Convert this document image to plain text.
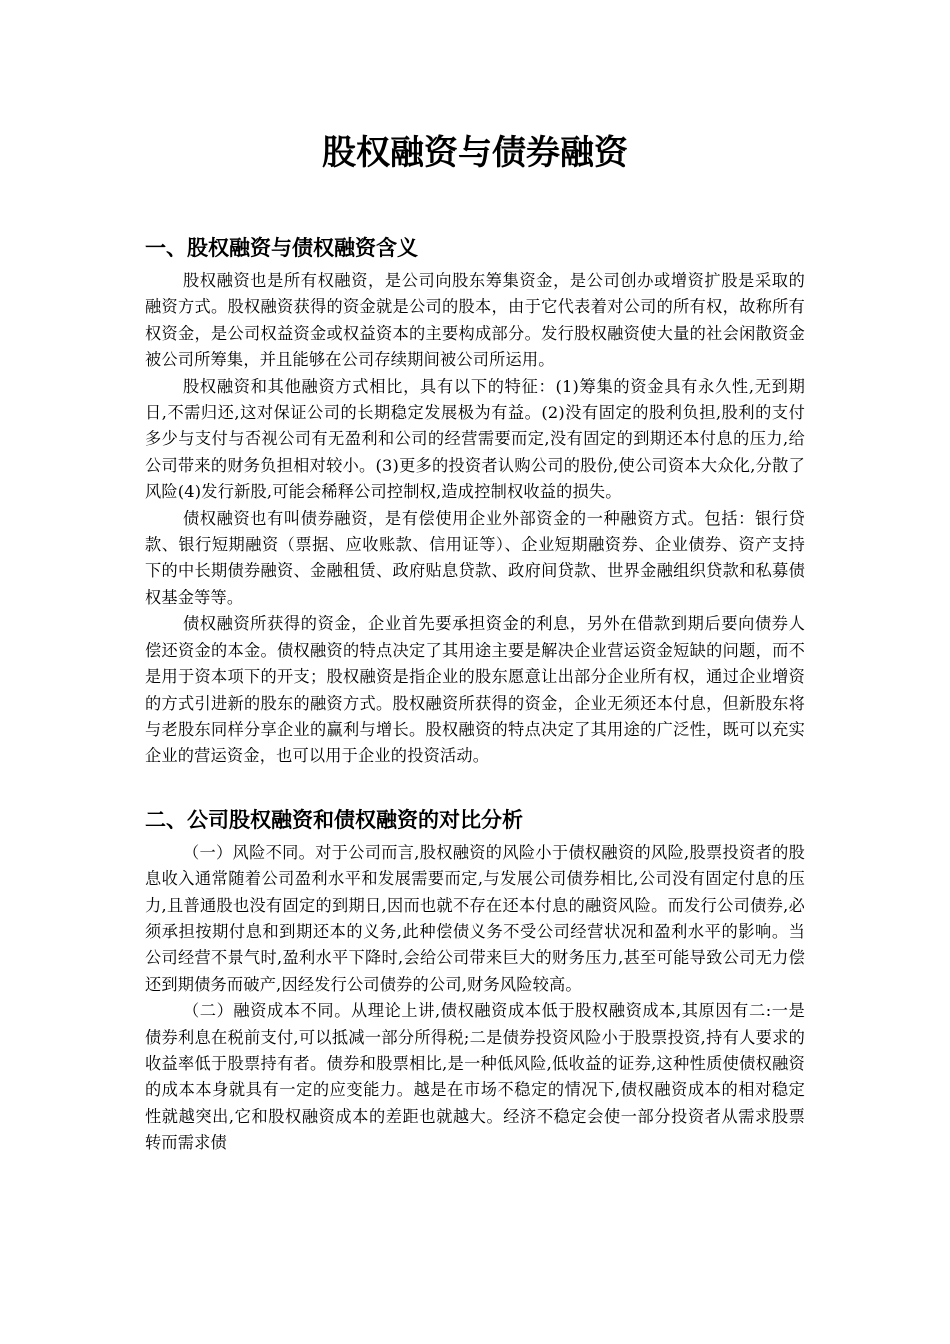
股权融资与债券融资
一、股权融资与债权融资含义

股权融资也是所有权融资，是公司向股东筹集资金，是公司创办或增资扩股是采取的融资方式。股权融资获得的资金就是公司的股本，由于它代表着对公司的所有权，故称所有权资金，是公司权益资金或权益资本的主要构成部分。发行股权融资使大量的社会闲散资金被公司所筹集，并且能够在公司存续期间被公司所运用。

股权融资和其他融资方式相比，具有以下的特征：(1)筹集的资金具有永久性,无到期日,不需归还,这对保证公司的长期稳定发展极为有益。(2)没有固定的股利负担,股利的支付多少与支付与否视公司有无盈利和公司的经营需要而定,没有固定的到期还本付息的压力,给公司带来的财务负担相对较小。(3)更多的投资者认购公司的股份,使公司资本大众化,分散了风险(4)发行新股,可能会稀释公司控制权,造成控制权收益的损失。

债权融资也有叫债券融资，是有偿使用企业外部资金的一种融资方式。包括：银行贷款、银行短期融资（票据、应收账款、信用证等）、企业短期融资券、企业债券、资产支持下的中长期债券融资、金融租赁、政府贴息贷款、政府间贷款、世界金融组织贷款和私募债权基金等等。

债权融资所获得的资金，企业首先要承担资金的利息，另外在借款到期后要向债券人偿还资金的本金。债权融资的特点决定了其用途主要是解决企业营运资金短缺的问题，而不是用于资本项下的开支；股权融资是指企业的股东愿意让出部分企业所有权，通过企业增资的方式引进新的股东的融资方式。股权融资所获得的资金，企业无须还本付息，但新股东将与老股东同样分享企业的赢利与增长。股权融资的特点决定了其用途的广泛性，既可以充实企业的营运资金，也可以用于企业的投资活动。

二、公司股权融资和债权融资的对比分析

（一）风险不同。对于公司而言,股权融资的风险小于债权融资的风险,股票投资者的股息收入通常随着公司盈利水平和发展需要而定,与发展公司债券相比,公司没有固定付息的压力,且普通股也没有固定的到期日,因而也就不存在还本付息的融资风险。而发行公司债券,必须承担按期付息和到期还本的义务,此种偿债义务不受公司经营状况和盈利水平的影响。当公司经营不景气时,盈利水平下降时,会给公司带来巨大的财务压力,甚至可能导致公司无力偿还到期债务而破产,因经发行公司债券的公司,财务风险较高。

（二）融资成本不同。从理论上讲,债权融资成本低于股权融资成本,其原因有二:一是债券利息在税前支付,可以抵减一部分所得税;二是债券投资风险小于股票投资,持有人要求的收益率低于股票持有者。债券和股票相比,是一种低风险,低收益的证券,这种性质使债权融资的成本本身就具有一定的应变能力。越是在市场不稳定的情况下,债权融资成本的相对稳定性就越突出,它和股权融资成本的差距也就越大。经济不稳定会使一部分投资者从需求股票转而需求债
